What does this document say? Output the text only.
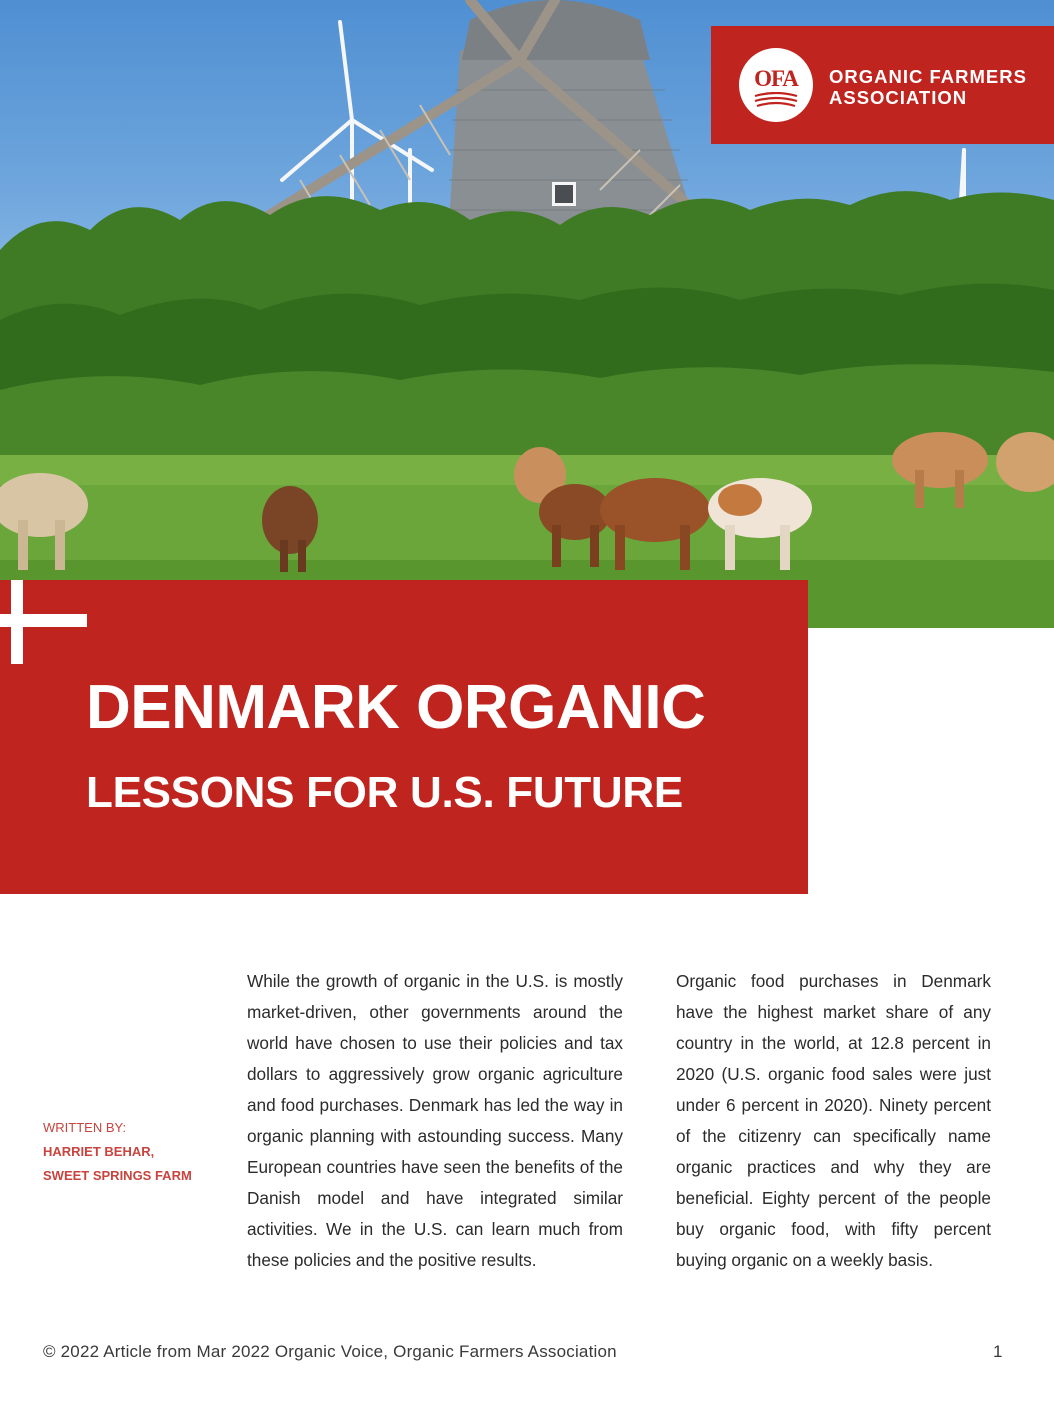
OFA ORGANIC FARMERS
ASSOCIATION
DENMARK ORGANIC
LESSONS FOR U.S. FUTURE
WRITTEN BY:
HARRIET BEHAR,
SWEET SPRINGS FARM
While the growth of organic in the U.S. is mostly market-driven, other governments around the world have chosen to use their policies and tax dollars to aggressively grow organic agriculture and food purchases. Denmark has led the way in organic planning with astounding success. Many European countries have seen the benefits of the Danish model and have integrated similar activities. We in the U.S. can learn much from these policies and the positive results.
Organic food purchases in Denmark have the highest market share of any country in the world, at 12.8 percent in 2020 (U.S. organic food sales were just under 6 percent in 2020). Ninety percent of the citizenry can specifically name organic practices and why they are beneficial. Eighty percent of the people buy organic food, with fifty percent buying organic on a weekly basis.
© 2022 Article from Mar 2022 Organic Voice, Organic Farmers Association	1
